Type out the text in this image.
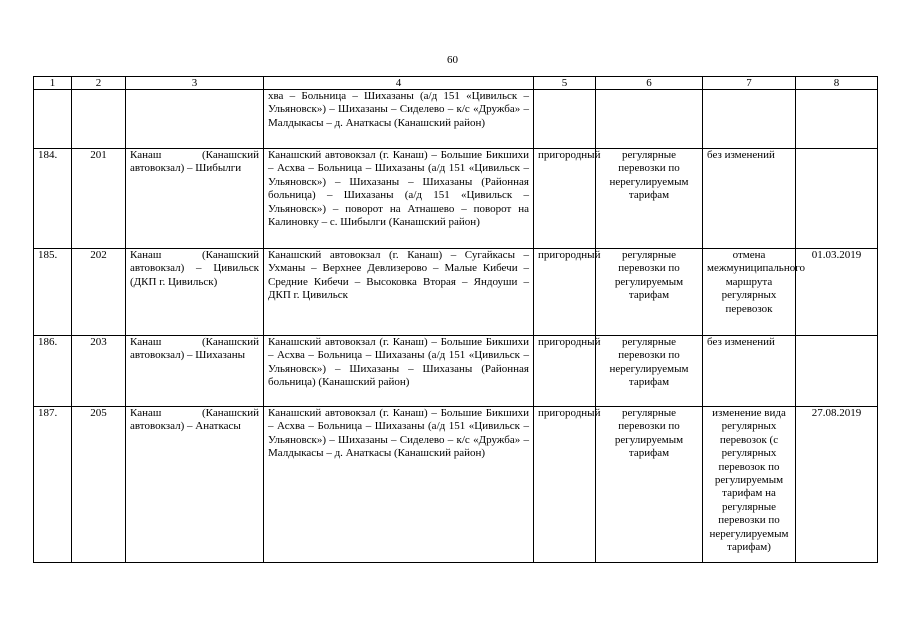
60
1	2	3	4	5	6	7	8
			хва – Больница – Шихазаны (а/д 151 «Цивильск – Ульяновск») – Шихазаны – Сиделево – к/с «Дружба» – Малдыкасы – д. Анаткасы (Канашский район)				
184.	201	Канаш (Канашский автовокзал) – Шибылги	Канашский автовокзал (г. Канаш) – Большие Бикшихи – Асхва – Больница – Шихазаны (а/д 151 «Цивильск – Ульяновск») – Шихазаны – Шихазаны (Районная больница) – Шихазаны (а/д 151 «Цивильск – Ульяновск») – поворот на Атнашево – поворот на Калиновку – с. Шибылги (Канашский район)	пригородный	регулярные перевозки по нерегулируемым тарифам	без изменений	
185.	202	Канаш (Канашский автовокзал) – Цивильск (ДКП г. Цивильск)	Канашский автовокзал (г. Канаш) – Сугайкасы – Ухманы – Верхнее Девлизерово – Малые Кибечи – Средние Кибечи – Высоковка Вторая – Яндоуши – ДКП г. Цивильск	пригородный	регулярные перевозки по регулируемым тарифам	отмена межмуниципального маршрута регулярных перевозок	01.03.2019
186.	203	Канаш (Канашский автовокзал) – Шихазаны	Канашский автовокзал (г. Канаш) – Большие Бикшихи – Асхва – Больница – Шихазаны (а/д 151 «Цивильск – Ульяновск») – Шихазаны – Шихазаны (Районная больница) (Канашский район)	пригородный	регулярные перевозки по нерегулируемым тарифам	без изменений	
187.	205	Канаш (Канашский автовокзал) – Анаткасы	Канашский автовокзал (г. Канаш) – Большие Бикшихи – Асхва – Больница – Шихазаны (а/д 151 «Цивильск – Ульяновск») – Шихазаны – Сиделево – к/с «Дружба» – Малдыкасы – д. Анаткасы (Канашский район)	пригородный	регулярные перевозки по регулируемым тарифам	изменение вида регулярных перевозок (с регулярных перевозок по регулируемым тарифам на регулярные перевозки по нерегулируемым тарифам)	27.08.2019
